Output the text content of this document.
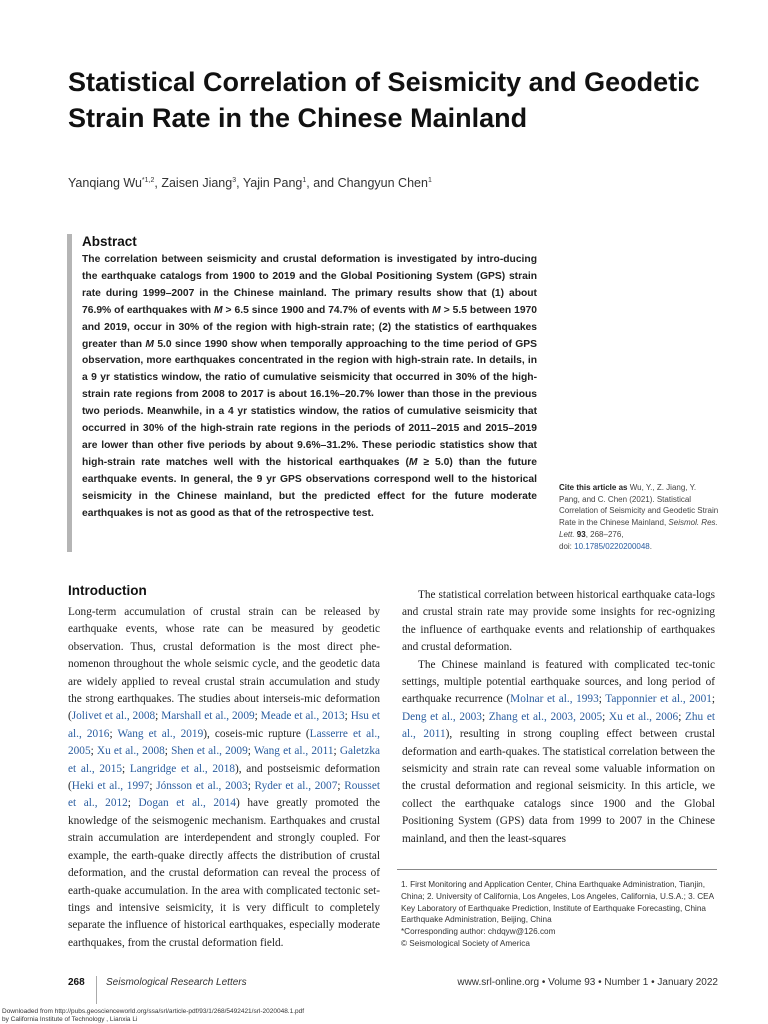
Statistical Correlation of Seismicity and Geodetic Strain Rate in the Chinese Mainland
Yanqiang Wu$^{*1,2}$, Zaisen Jiang$^3$, Yajin Pang$^1$, and Changyun Chen$^1$
Abstract

The correlation between seismicity and crustal deformation is investigated by intro-ducing the earthquake catalogs from 1900 to 2019 and the Global Positioning System (GPS) strain rate during 1999–2007 in the Chinese mainland. The primary results show that (1) about 76.9% of earthquakes with M > 6.5 since 1900 and 74.7% of events with M > 5.5 between 1970 and 2019, occur in 30% of the region with high-strain rate; (2) the statistics of earthquakes greater than M 5.0 since 1990 show when temporally approaching to the time period of GPS observation, more earthquakes concentrated in the region with high-strain rate. In details, in a 9 yr statistics window, the ratio of cumulative seismicity that occurred in 30% of the high-strain rate regions from 2008 to 2017 is about 16.1%–20.7% lower than those in the previous two periods. Meanwhile, in a 4 yr statistics window, the ratios of cumulative seismicity that occurred in 30% of the high-strain rate regions in the periods of 2011–2015 and 2015–2019 are lower than other five periods by about 9.6%–31.2%. These periodic statistics show that high-strain rate matches well with the historical earthquakes (M ≥ 5.0) than the future earthquake events. In general, the 9 yr GPS observations correspond well to the historical seismicity in the Chinese mainland, but the predicted effect for the future moderate earthquakes is not as good as that of the retrospective test.

Cite this article as Wu, Y., Z. Jiang, Y. Pang, and C. Chen (2021). Statistical Correlation of Seismicity and Geodetic Strain Rate in the Chinese Mainland, Seismol. Res. Lett. 93, 268–276,
doi: 10.1785/0220200048.

Introduction

Long-term accumulation of crustal strain can be released by earthquake events, whose rate can be measured by geodetic observation. Thus, crustal deformation is the most direct phe-nomenon throughout the whole seismic cycle, and the geodetic data are widely applied to reveal crustal strain accumulation and study the strong earthquakes. The studies about interseis-mic deformation (Jolivet et al., 2008; Marshall et al., 2009; Meade et al., 2013; Hsu et al., 2016; Wang et al., 2019), coseis-mic rupture (Lasserre et al., 2005; Xu et al., 2008; Shen et al., 2009; Wang et al., 2011; Galetzka et al., 2015; Langridge et al., 2018), and postseismic deformation (Heki et al., 1997; Jónsson et al., 2003; Ryder et al., 2007; Rousset et al., 2012; Dogan et al., 2014) have greatly promoted the knowledge of the seismogenic mechanism. Earthquakes and crustal strain accumulation are interdependent and strongly coupled. For example, the earth-quake directly affects the distribution of crustal deformation, and the crustal deformation can reveal the process of earth-quake accumulation. In the area with complicated tectonic set-tings and intensive seismicity, it is very difficult to completely separate the influence of historical earthquakes, especially moderate earthquakes, from the crustal deformation field.

The statistical correlation between historical earthquake cata-logs and crustal strain rate may provide some insights for rec-ognizing the influence of earthquake events and relationship of earthquakes and crustal deformation.
The Chinese mainland is featured with complicated tec-tonic settings, multiple potential earthquake sources, and long period of earthquake recurrence (Molnar et al., 1993; Tapponnier et al., 2001; Deng et al., 2003; Zhang et al., 2003, 2005; Xu et al., 2006; Zhu et al., 2011), resulting in strong coupling effect between crustal deformation and earth-quakes. The statistical correlation between the seismicity and strain rate can reveal some valuable information on the crustal deformation and regional seismicity. In this article, we collect the earthquake catalogs since 1900 and the Global Positioning System (GPS) data from 1999 to 2007 in the Chinese mainland, and then the least-squares

1. First Monitoring and Application Center, China Earthquake Administration, Tianjin, China; 2. University of California, Los Angeles, Los Angeles, California, U.S.A.; 3. CEA Key Laboratory of Earthquake Prediction, Institute of Earthquake Forecasting, China Earthquake Administration, Beijing, China
*Corresponding author: chdqyw@126.com
© Seismological Society of America

268 Seismological Research Letters	www.srl-online.org • Volume 93 • Number 1 • January 2022
Downloaded from http://pubs.geoscienceworld.org/ssa/srl/article-pdf/93/1/268/5492421/srl-2020048.1.pdf
by California Institute of Technology , Lianxia Li
